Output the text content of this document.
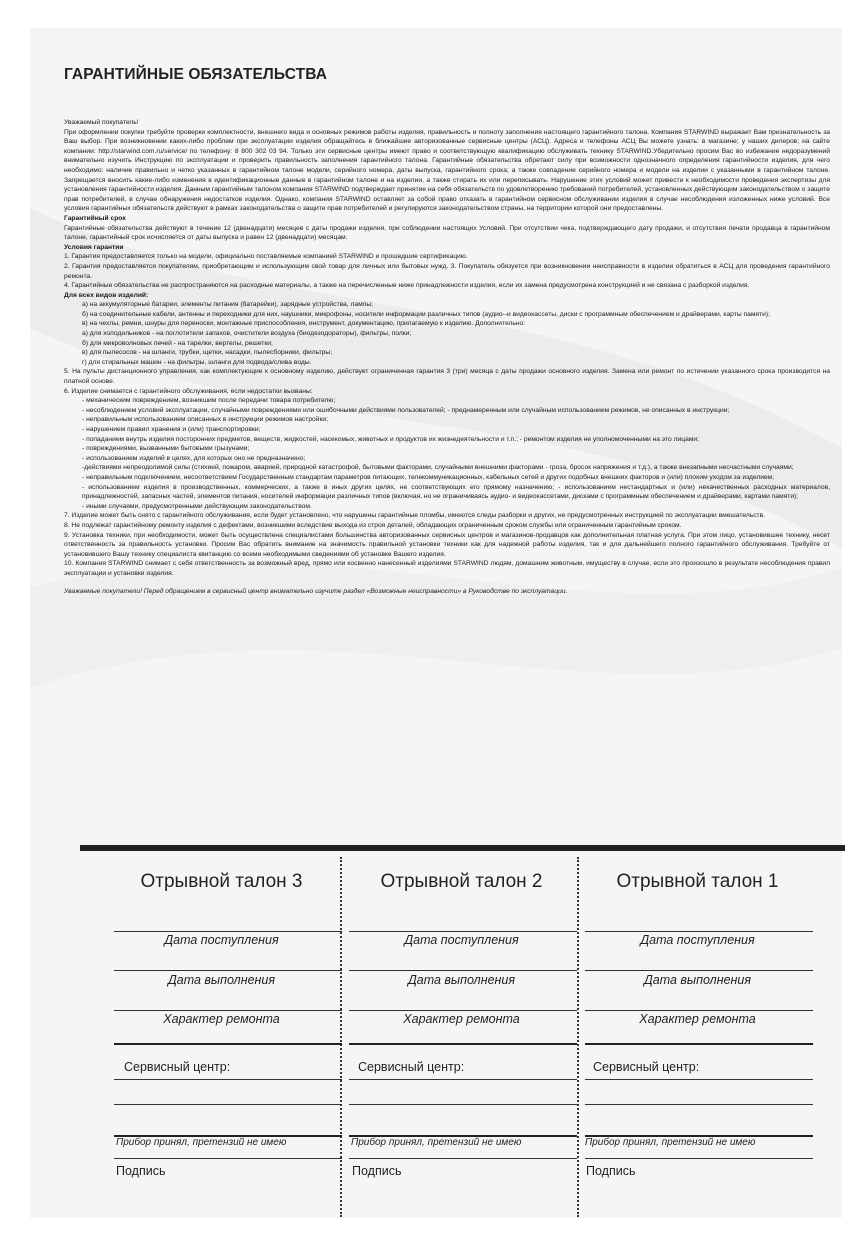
ГАРАНТИЙНЫЕ ОБЯЗАТЕЛЬСТВА

Уважаемый покупатель!

При оформлении покупки требуйте проверки комплектности, внешнего вида и основных режимов работы изделия, правильность и полноту заполнения настоящего гарантийного талона. Компания STARWIND выражает Вам признательность за Ваш выбор. При возникновении каких-либо проблем при эксплуатации изделия обращайтесь в ближайшие авторизованные сервисные центры (АСЦ). Адреса и телефоны АСЦ Вы можете узнать: в магазине; у наших дилеров; на сайте компании: http://starwind.com.ru/service/ по телефону: 8 800 302 03 94. Только эти сервисные центры имеют право и соответствующую квалификацию обслуживать технику STARWIND.Убедительно просим Вас во избежание недоразумений внимательно изучить Инструкцию по эксплуатации и проверить правильность заполнения гарантийного талона. Гарантийные обязательства обретают силу при возможности однозначного определения гарантийности изделия, для чего необходимо: наличие правильно и четко указанных в гарантийном талоне модели, серийного номера, даты выпуска, гарантийного срока; а также совпадение серийного номера и модели на изделии с указанными в гарантийном талоне. Запрещается вносить какие-либо изменения в идентификационные данные в гарантийном талоне и на изделии, а также стирать их или переписывать. Нарушение этих условий может привести к необходимости проведения экспертизы для установления гарантийности изделия. Данным гарантийным талоном компания STARWIND подтверждает принятие на себя обязательств по удовлетворению требований потребителей, установленных действующим законодательством о защите прав потребителей, в случае обнаружения недостатков изделия. Однако, компания STARWIND оставляет за собой право отказать в гарантийном сервисном обслуживании изделия в случае несоблюдения изложенных ниже условий. Все условия гарантийных обязательств действуют в рамках законодательства о защите прав потребителей и регулируются законодательством страны, на территории которой они предоставлены.

Гарантийный срок

Гарантийные обязательства действуют в течение 12 (двенадцати) месяцев с даты продажи изделия, при соблюдении настоящих Условий. При отсутствии чека, подтверждающего дату продажи, и отсутствия печати продавца в гарантийном талоне, гарантийный срок исчисляется от даты выпуска и равен 12 (двенадцати) месяцам.

Условия гарантии

1. Гарантия предоставляется только на модели, официально поставляемые компанией STARWIND и прошедшие сертификацию.

2. Гарантия предоставляется покупателям, приобретающим и использующим свой товар для личных или бытовых нужд. 3. Покупатель обязуется при возникновении неисправности в изделии обратиться в АСЦ для проведения гарантийного ремонта.

4. Гарантийные обязательства не распространяются на расходные материалы, а также на перечисленные ниже принадлежности изделия, если их замена предусмотрена конструкцией и не связана с разборкой изделия.

Для всех видов изделий:

а) на аккумуляторные батареи, элементы питания (батарейки), зарядные устройства, лампы;

б) на соединительные кабели, антенны и переходники для них, наушники, микрофоны, носители информации различных типов (аудио--и видеокассеты, диски с программным обеспечением и драйверами, карты памяти);

в) на чехлы, ремни, шнуры для переноски, монтажные приспособления, инструмент, документацию, прилагаемую к изделию. Дополнительно:

а) для холодильников - на поглотители запахов, очистители воздуха (биодезодораторы), фильтры, полки;

б) для микроволновых печей - на тарелки, вертелы, решетки;

в) для пылесосов - на шланги, трубки, щетки, насадки, пылесборники, фильтры;

г) для стиральных машин - на фильтры, шланги для подвода/слива воды.

5. На пульты дистанционного управления, как комплектующие к основному изделию, действует ограниченная гарантия 3 (три) месяца с даты продажи основного изделия. Замена или ремонт по истечении указанного срока производится на платной основе.

6. Изделие снимается с гарантийного обслуживания, если недостатки вызваны:

- механическим повреждением, возникшим после передачи товара потребителю;

- несоблюдением условий эксплуатации, случайными повреждениями или ошибочными действиями пользователей; - преднамеренным или случайным использованием режимов, не описанных в инструкции;

- неправильным использованием описанных в инструкции режимов настройки;

- нарушением правил хранения и (или) транспортировки;

- попаданием внутрь изделия посторонних предметов, веществ, жидкостей, насекомых, животных и продуктов их жизнедеятельности и т.п.; - ремонтом изделия не уполномоченными на это лицами;

- повреждениями, вызванными бытовыми грызунами;

- использованием изделий в целях, для которых оно не предназначено;

-действиями непреодолимой силы (стихией, пожаром, аварией, природной катастрофой, бытовыми факторами, случайными внешними факторами - гроза, бросок напряжения и т.д.), а также внезапными несчастными случаями;

- неправильным подключением, несоответствием Государственным стандартам параметров питающих, телекоммуникационных, кабельных сетей и других подобных внешних факторов и (или) плохим уходом за изделием;

- использованием изделия в производственных, коммерческих, а также в иных других целях, не соответствующих его прямому назначению; - использованием нестандартных и (или) некачественных расходных материалов, принадлежностей, запасных частей, элементов питания, носителей информации различных типов (включая, но не ограничиваясь аудио- и видеокассетами, дисками с программным обеспечением и драйверами, картами памяти);

- иными случаями, предусмотренными действующим законодательством.

7. Изделие может быть снято с гарантийного обслуживания, если будет установлено, что нарушены гарантийные пломбы, имеются следы разборки и других, не предусмотренных инструкцией по эксплуатации вмешательств.

8. Не подлежат гарантийному ремонту изделия с дефектами, возникшими вследствие выхода из строя деталей, обладающих ограниченным сроком службы или ограниченным гарантийным сроком.

9. Установка техники, при необходимости, может быть осуществлена специалистами большинства авторизованных сервисных центров и магазинов-продавцов как дополнительная платная услуга. При этом лицо, установившее технику, несет ответственность за правильность установки. Просим Вас обратить внимание на значимость правильной установки техники как для надежной работы изделия, так и для дальнейшего полного гарантийного обслуживания. Требуйте от установившего Вашу технику специалиста квитанцию со всеми необходимыми сведениями об установке Вашего изделия.

10. Компания STARWIND снимает с себя ответственность за возможный вред, прямо или косвенно нанесенный изделиями STARWIND людям, домашним животным, имуществу в случае, если это произошло в результате несоблюдения правил эксплуатации и установки изделия.

Уважаемые покупатели! Перед обращением в сервисный центр внимательно изучите раздел «Возможные неисправности» в Руководстве по эксплуатации.

Отрывной талон 3
Дата поступления
Дата выполнения
Характер ремонта
Сервисный центр:
Прибор принял, претензий не имею
Подпись
Отрывной талон 2
Дата поступления
Дата выполнения
Характер ремонта
Сервисный центр:
Прибор принял, претензий не имею
Подпись
Отрывной талон 1
Дата поступления
Дата выполнения
Характер ремонта
Сервисный центр:
Прибор принял, претензий не имею
Подпись
